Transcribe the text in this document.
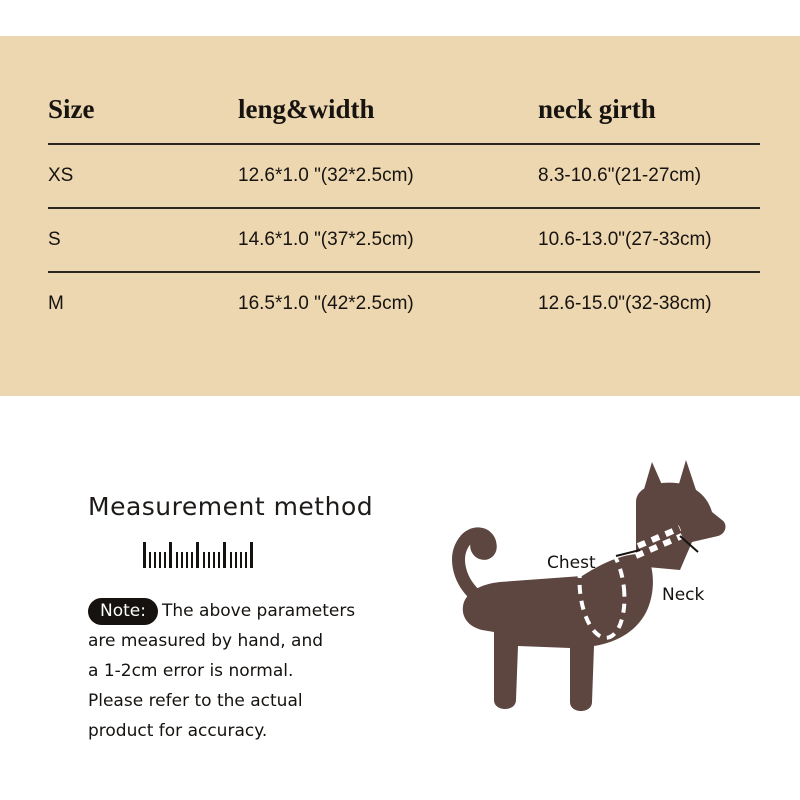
Size	leng&width	neck girth
XS	12.6*1.0 "(32*2.5cm)	8.3-10.6"(21-27cm)
S	14.6*1.0 "(37*2.5cm)	10.6-13.0"(27-33cm)
M	16.5*1.0 "(42*2.5cm)	12.6-15.0"(32-38cm)
Measurement method
The above parameters
are measured by hand, and
a 1-2cm error is normal.
Please refer to the actual
product for accuracy.
Note:
Chest
Neck
